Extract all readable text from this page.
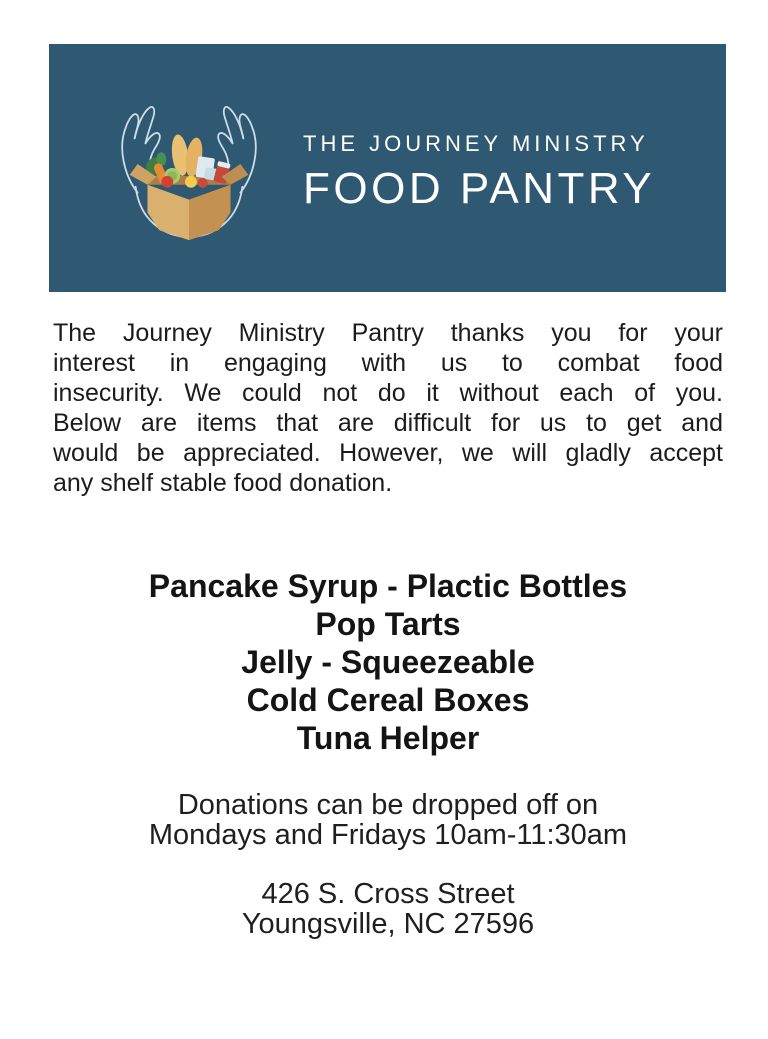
THE JOURNEY MINISTRY
FOOD PANTRY
The Journey Ministry Pantry thanks you for your
interest in engaging with us to combat food
insecurity. We could not do it without each of you.
Below are items that are difficult for us to get and
would be appreciated. However, we will gladly accept
any shelf stable food donation.
Pancake Syrup - Plactic Bottles
Pop Tarts
Jelly - Squeezeable
Cold Cereal Boxes
Tuna Helper
Donations can be dropped off on
Mondays and Fridays 10am-11:30am
426 S. Cross Street
Youngsville, NC 27596
